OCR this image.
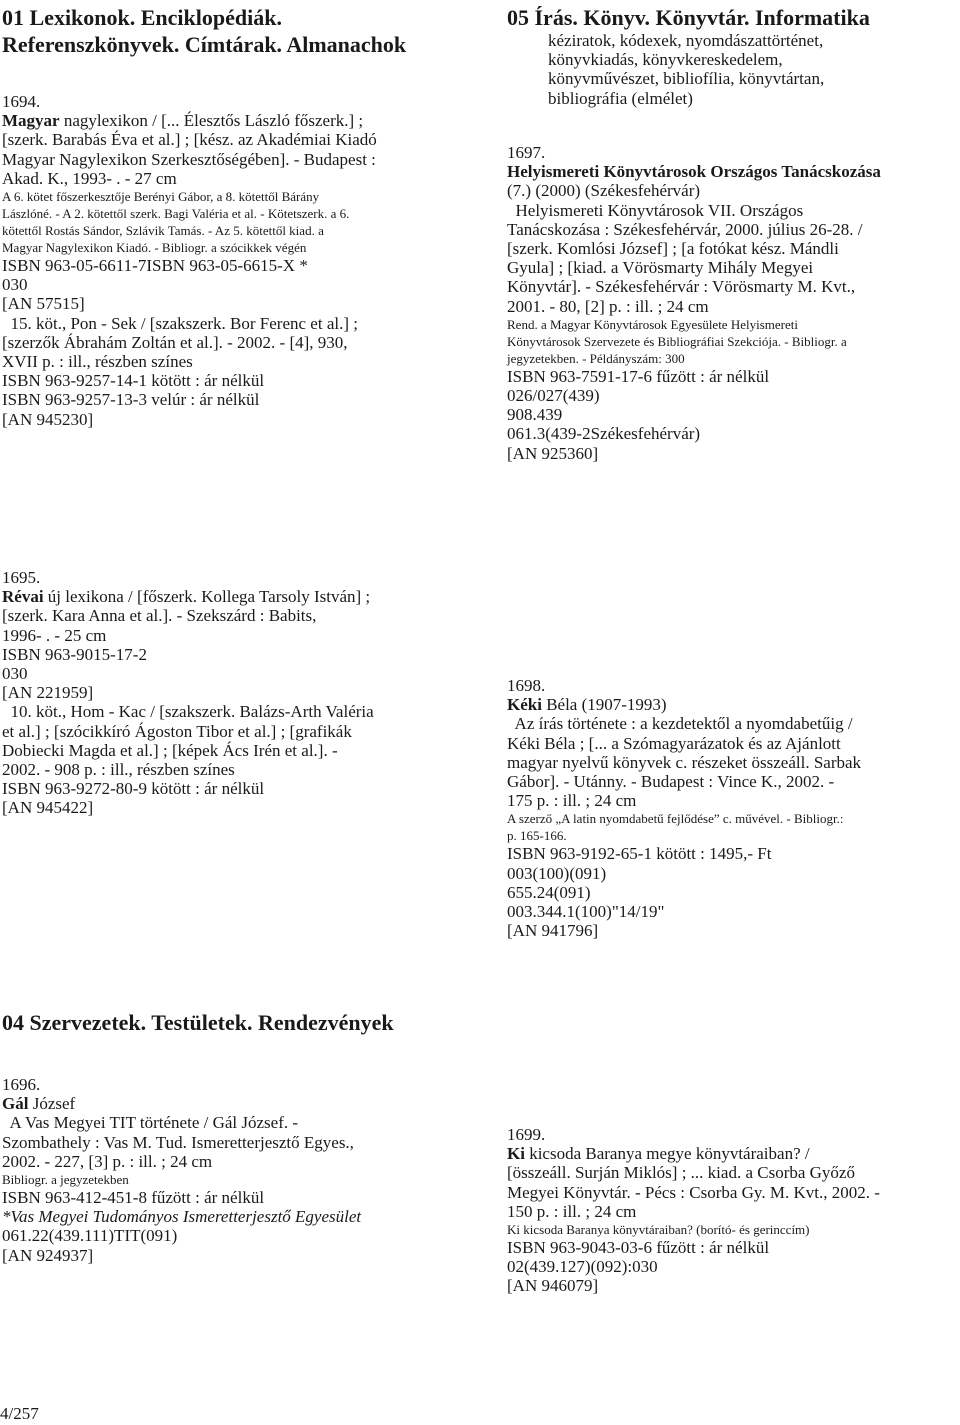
01 Lexikonok. Enciklopédiák.
Referenszkönyvek. Címtárak. Almanachok
1694.
Magyar nagylexikon / [... Élesztős László főszerk.] ;
[szerk. Barabás Éva et al.] ; [kész. az Akadémiai Kiadó
Magyar Nagylexikon Szerkesztőségében]. - Budapest :
Akad. K., 1993- . - 27 cm
A 6. kötet főszerkesztője Berényi Gábor, a 8. kötettől Bárány
Lászlóné. - A 2. kötettől szerk. Bagi Valéria et al. - Kötetszerk. a 6.
kötettől Rostás Sándor, Szlávik Tamás. - Az 5. kötettől kiad. a
Magyar Nagylexikon Kiadó. - Bibliogr. a szócikkek végén
ISBN 963-05-6611-7ISBN 963-05-6615-X *
030
[AN 57515]
15. köt., Pon - Sek / [szakszerk. Bor Ferenc et al.] ;
[szerzők Ábrahám Zoltán et al.]. - 2002. - [4], 930,
XVII p. : ill., részben színes
ISBN 963-9257-14-1 kötött : ár nélkül
ISBN 963-9257-13-3 velúr : ár nélkül
[AN 945230]
1695.
Révai új lexikona / [főszerk. Kollega Tarsoly István] ;
[szerk. Kara Anna et al.]. - Szekszárd : Babits,
1996- . - 25 cm
ISBN 963-9015-17-2
030
[AN 221959]
10. köt., Hom - Kac / [szakszerk. Balázs-Arth Valéria
et al.] ; [szócikkíró Ágoston Tibor et al.] ; [grafikák
Dobiecki Magda et al.] ; [képek Ács Irén et al.]. -
2002. - 908 p. : ill., részben színes
ISBN 963-9272-80-9 kötött : ár nélkül
[AN 945422]
04 Szervezetek. Testületek. Rendezvények
1696.
Gál József
A Vas Megyei TIT története / Gál József. -
Szombathely : Vas M. Tud. Ismeretterjesztő Egyes.,
2002. - 227, [3] p. : ill. ; 24 cm
Bibliogr. a jegyzetekben
ISBN 963-412-451-8 fűzött : ár nélkül
*Vas Megyei Tudományos Ismeretterjesztő Egyesület
061.22(439.111)TIT(091)
[AN 924937]
05 Írás. Könyv. Könyvtár. Informatika
kéziratok, kódexek, nyomdászattörténet,
könyvkiadás, könyvkereskedelem,
könyvművészet, bibliofília, könyvtártan,
bibliográfia (elmélet)
1697.
Helyismereti Könyvtárosok Országos Tanácskozása
(7.) (2000) (Székesfehérvár)
Helyismereti Könyvtárosok VII. Országos
Tanácskozása : Székesfehérvár, 2000. július 26-28. /
[szerk. Komlósi József] ; [a fotókat kész. Mándli
Gyula] ; [kiad. a Vörösmarty Mihály Megyei
Könyvtár]. - Székesfehérvár : Vörösmarty M. Kvt.,
2001. - 80, [2] p. : ill. ; 24 cm
Rend. a Magyar Könyvtárosok Egyesülete Helyismereti
Könyvtárosok Szervezete és Bibliográfiai Szekciója. - Bibliogr. a
jegyzetekben. - Példányszám: 300
ISBN 963-7591-17-6 fűzött : ár nélkül
026/027(439)
908.439
061.3(439-2Székesfehérvár)
[AN 925360]
1698.
Kéki Béla (1907-1993)
Az írás története : a kezdetektől a nyomdabetűig /
Kéki Béla ; [... a Szómagyarázatok és az Ajánlott
magyar nyelvű könyvek c. részeket összeáll. Sarbak
Gábor]. - Utánny. - Budapest : Vince K., 2002. -
175 p. : ill. ; 24 cm
A szerző „A latin nyomdabetű fejlődése” c. művével. - Bibliogr.:
p. 165-166.
ISBN 963-9192-65-1 kötött : 1495,- Ft
003(100)(091)
655.24(091)
003.344.1(100)"14/19"
[AN 941796]
1699.
Ki kicsoda Baranya megye könyvtáraiban? /
[összeáll. Surján Miklós] ; ... kiad. a Csorba Győző
Megyei Könyvtár. - Pécs : Csorba Gy. M. Kvt., 2002. -
150 p. : ill. ; 24 cm
Ki kicsoda Baranya könyvtáraiban? (borító- és gerinccím)
ISBN 963-9043-03-6 fűzött : ár nélkül
02(439.127)(092):030
[AN 946079]
4/257
